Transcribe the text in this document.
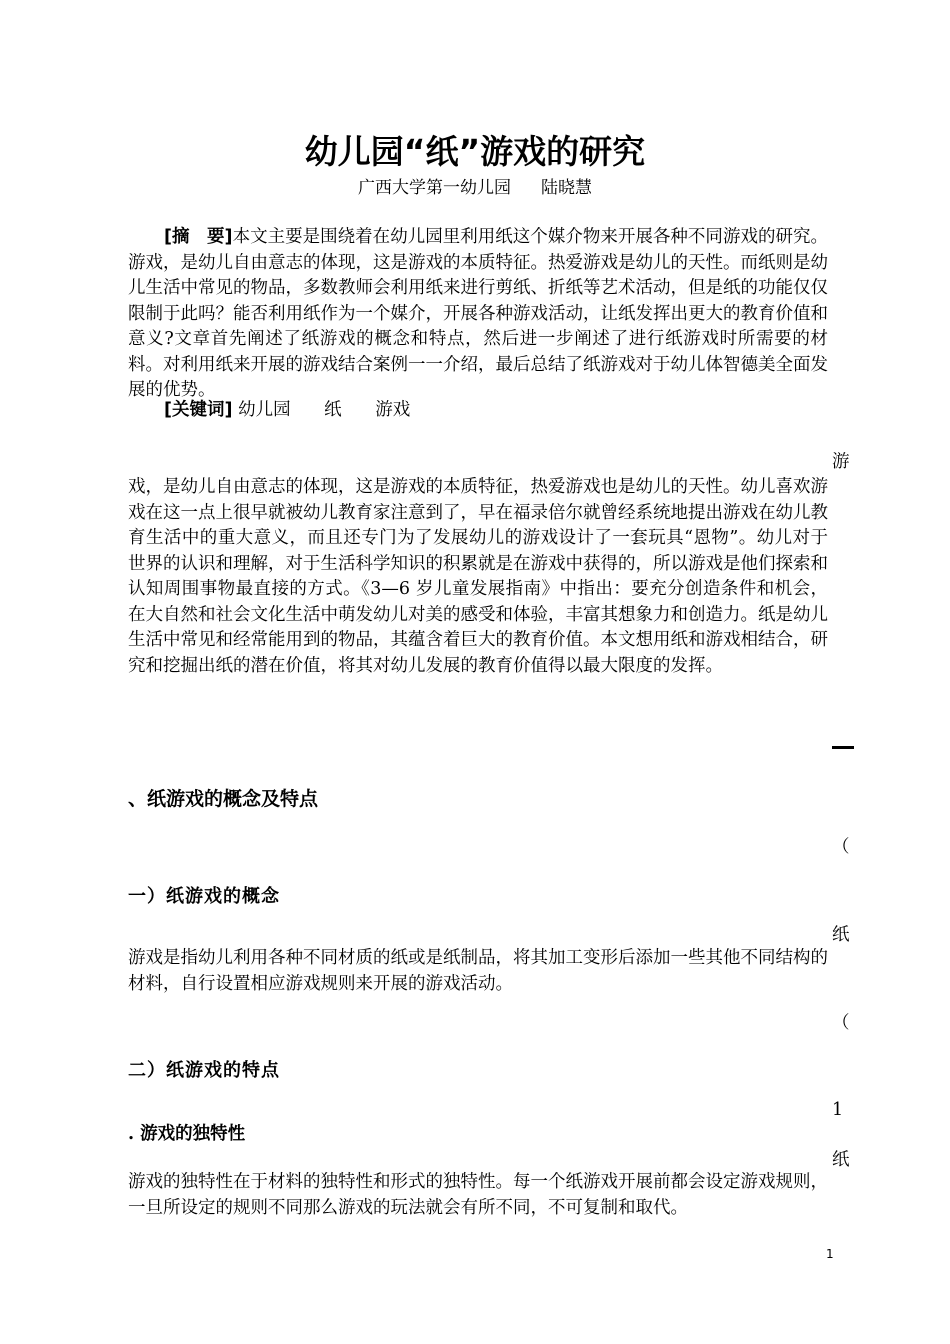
幼儿园“纸”游戏的研究

广西大学第一幼儿园 陆晓慧

[摘　要]本文主要是围绕着在幼儿园里利用纸这个媒介物来开展各种不同游戏的研究。游戏，是幼儿自由意志的体现，这是游戏的本质特征。热爱游戏是幼儿的天性。而纸则是幼儿生活中常见的物品，多数教师会利用纸来进行剪纸、折纸等艺术活动，但是纸的功能仅仅限制于此吗？能否利用纸作为一个媒介，开展各种游戏活动，让纸发挥出更大的教育价值和意义?文章首先阐述了纸游戏的概念和特点，然后进一步阐述了进行纸游戏时所需要的材料。对利用纸来开展的游戏结合案例一一介绍，最后总结了纸游戏对于幼儿体智德美全面发展的优势。

[关键词] 幼儿园 纸 游戏

游

戏，是幼儿自由意志的体现，这是游戏的本质特征，热爱游戏也是幼儿的天性。幼儿喜欢游戏在这一点上很早就被幼儿教育家注意到了，早在福录倍尔就曾经系统地提出游戏在幼儿教育生活中的重大意义，而且还专门为了发展幼儿的游戏设计了一套玩具“恩物”。幼儿对于世界的认识和理解，对于生活科学知识的积累就是在游戏中获得的，所以游戏是他们探索和认知周围事物最直接的方式。《3—6 岁儿童发展指南》中指出：要充分创造条件和机会，在大自然和社会文化生活中萌发幼儿对美的感受和体验，丰富其想象力和创造力。纸是幼儿生活中常见和经常能用到的物品，其蕴含着巨大的教育价值。本文想用纸和游戏相结合，研究和挖掘出纸的潜在价值，将其对幼儿发展的教育价值得以最大限度的发挥。

、纸游戏的概念及特点
（
一）纸游戏的概念
纸

游戏是指幼儿利用各种不同材质的纸或是纸制品，将其加工变形后添加一些其他不同结构的材料，自行设置相应游戏规则来开展的游戏活动。

（
二）纸游戏的特点
1
. 游戏的独特性
纸

游戏的独特性在于材料的独特性和形式的独特性。每一个纸游戏开展前都会设定游戏规则，一旦所设定的规则不同那么游戏的玩法就会有所不同，不可复制和取代。

1
